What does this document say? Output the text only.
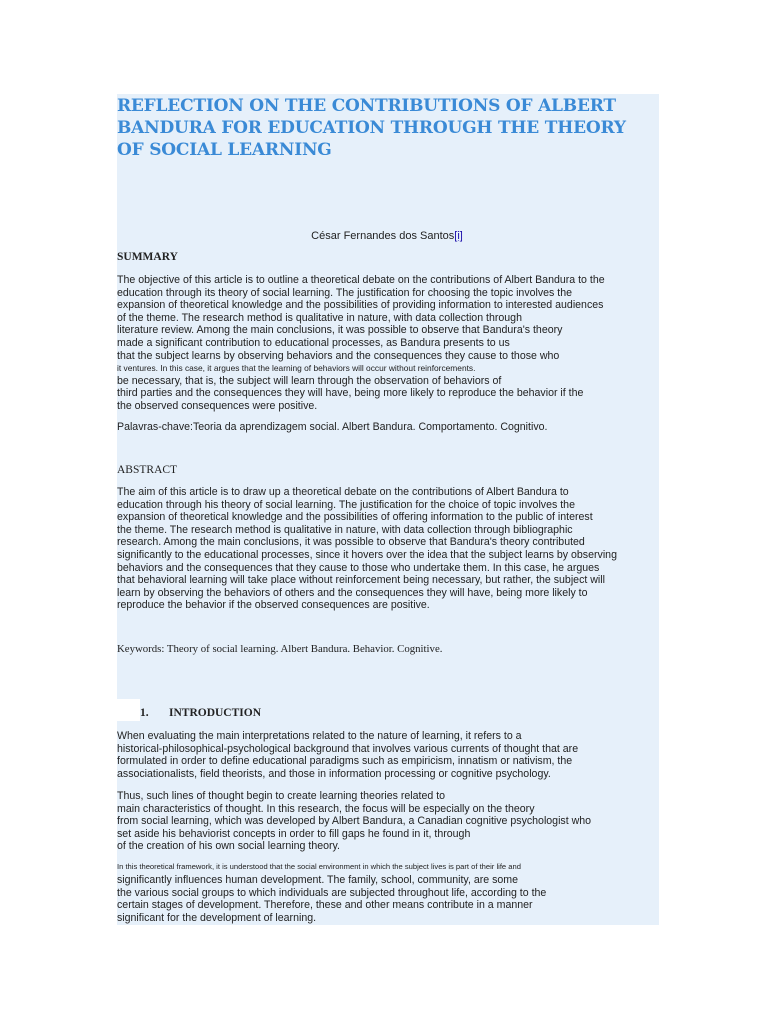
REFLECTION ON THE CONTRIBUTIONS OF ALBERT BANDURA FOR EDUCATION THROUGH THE THEORY OF SOCIAL LEARNING
César Fernandes dos Santos[i]
SUMMARY
The objective of this article is to outline a theoretical debate on the contributions of Albert Bandura to the
education through its theory of social learning. The justification for choosing the topic involves the
expansion of theoretical knowledge and the possibilities of providing information to interested audiences
of the theme. The research method is qualitative in nature, with data collection through
literature review. Among the main conclusions, it was possible to observe that Bandura's theory
made a significant contribution to educational processes, as Bandura presents to us
that the subject learns by observing behaviors and the consequences they cause to those who
it ventures. In this case, it argues that the learning of behaviors will occur without reinforcements.
be necessary, that is, the subject will learn through the observation of behaviors of
third parties and the consequences they will have, being more likely to reproduce the behavior if the
the observed consequences were positive.
Palavras-chave:Teoria da aprendizagem social. Albert Bandura. Comportamento. Cognitivo.
ABSTRACT
The aim of this article is to draw up a theoretical debate on the contributions of Albert Bandura to
education through his theory of social learning. The justification for the choice of topic involves the
expansion of theoretical knowledge and the possibilities of offering information to the public of interest
the theme. The research method is qualitative in nature, with data collection through bibliographic
research. Among the main conclusions, it was possible to observe that Bandura's theory contributed
significantly to the educational processes, since it hovers over the idea that the subject learns by observing
behaviors and the consequences that they cause to those who undertake them. In this case, he argues
that behavioral learning will take place without reinforcement being necessary, but rather, the subject will
learn by observing the behaviors of others and the consequences they will have, being more likely to
reproduce the behavior if the observed consequences are positive.
Keywords: Theory of social learning. Albert Bandura. Behavior. Cognitive.
1. INTRODUCTION
When evaluating the main interpretations related to the nature of learning, it refers to a
historical-philosophical-psychological background that involves various currents of thought that are
formulated in order to define educational paradigms such as empiricism, innatism or nativism, the
associationalists, field theorists, and those in information processing or cognitive psychology.
Thus, such lines of thought begin to create learning theories related to
main characteristics of thought. In this research, the focus will be especially on the theory
from social learning, which was developed by Albert Bandura, a Canadian cognitive psychologist who
set aside his behaviorist concepts in order to fill gaps he found in it, through
of the creation of his own social learning theory.
In this theoretical framework, it is understood that the social environment in which the subject lives is part of their life and
significantly influences human development. The family, school, community, are some
the various social groups to which individuals are subjected throughout life, according to the
certain stages of development. Therefore, these and other means contribute in a manner
significant for the development of learning.
